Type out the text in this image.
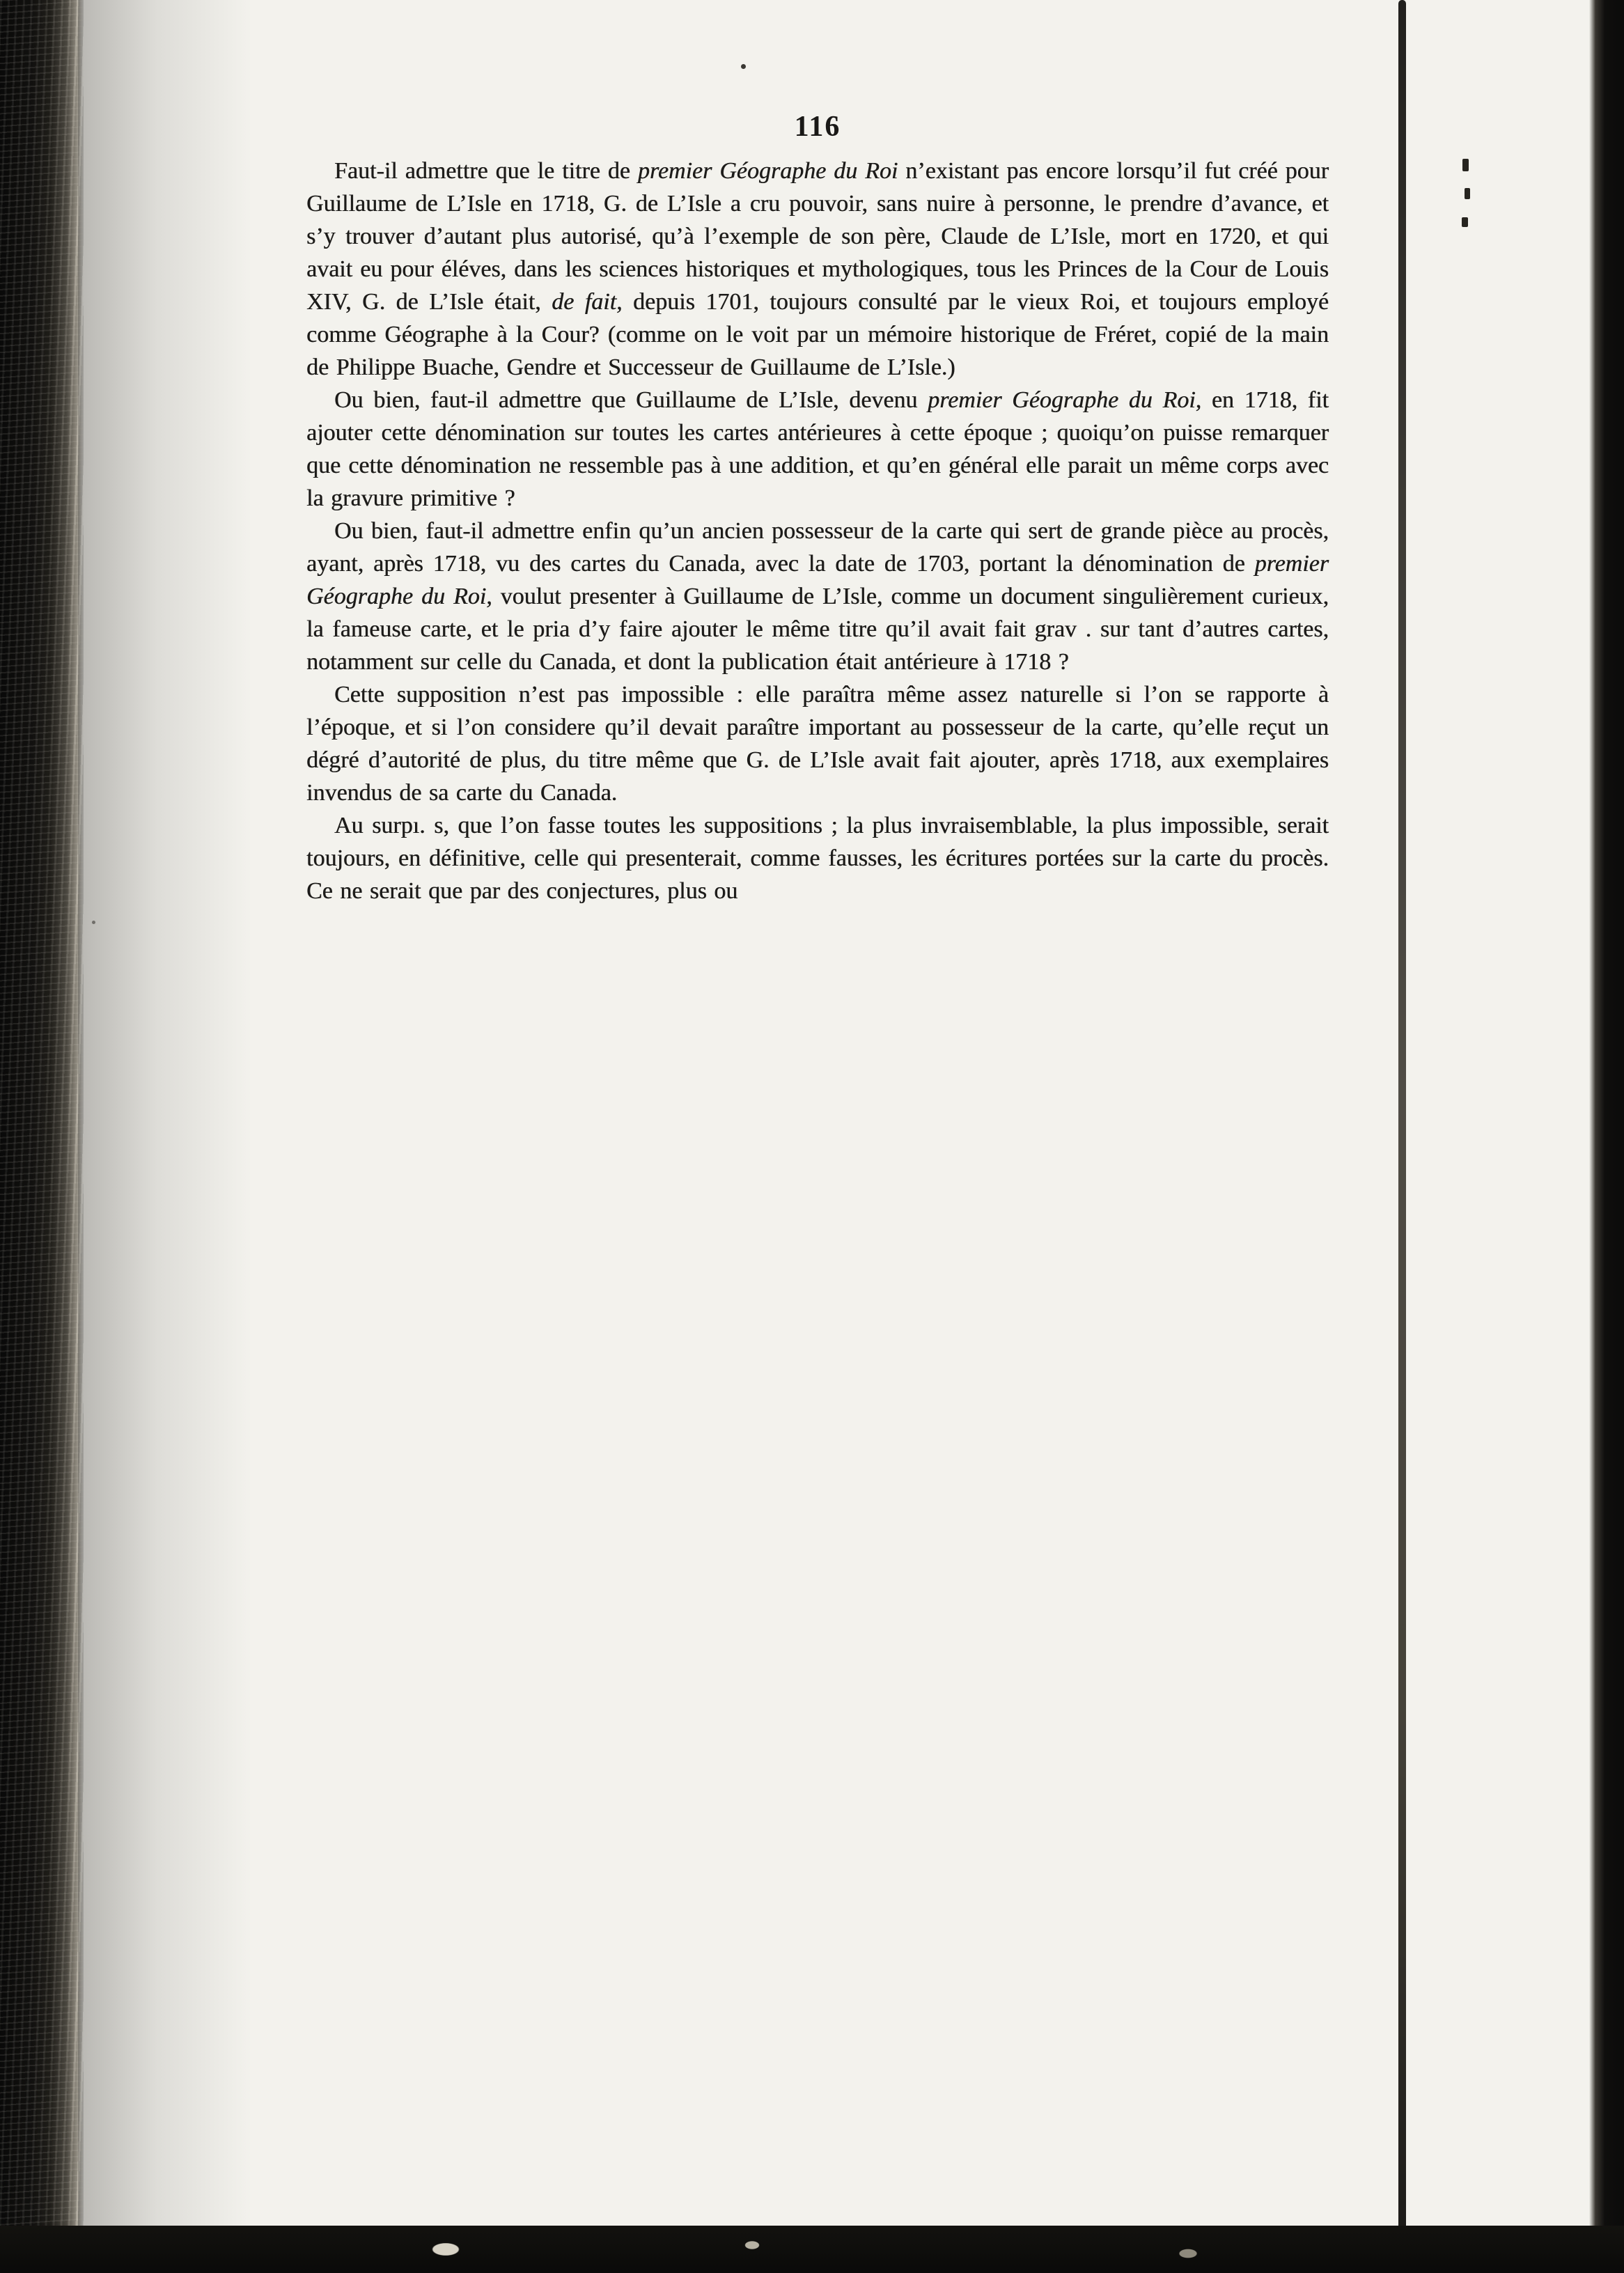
116

Faut-il admettre que le titre de premier Géographe du Roi n’existant pas encore lorsqu’il fut créé pour Guillaume de L’Isle en 1718, G. de L’Isle a cru pouvoir, sans nuire à personne, le prendre d’avance, et s’y trouver d’autant plus autorisé, qu’à l’exemple de son père, Claude de L’Isle, mort en 1720, et qui avait eu pour éléves, dans les sciences historiques et mythologiques, tous les Princes de la Cour de Louis XIV, G. de L’Isle était, de fait, depuis 1701, toujours consulté par le vieux Roi, et toujours employé comme Géographe à la Cour? (comme on le voit par un mémoire historique de Fréret, copié de la main de Philippe Buache, Gendre et Successeur de Guillaume de L’Isle.)

Ou bien, faut-il admettre que Guillaume de L’Isle, devenu premier Géographe du Roi, en 1718, fit ajouter cette dénomination sur toutes les cartes antérieures à cette époque ; quoiqu’on puisse remarquer que cette dénomination ne ressemble pas à une addition, et qu’en général elle parait un même corps avec la gravure primitive ?

Ou bien, faut-il admettre enfin qu’un ancien possesseur de la carte qui sert de grande pièce au procès, ayant, après 1718, vu des cartes du Canada, avec la date de 1703, portant la dénomination de premier Géographe du Roi, voulut presenter à Guillaume de L’Isle, comme un document singulièrement curieux, la fameuse carte, et le pria d’y faire ajouter le même titre qu’il avait fait grav . sur tant d’autres cartes, notamment sur celle du Canada, et dont la publication était antérieure à 1718 ?

Cette supposition n’est pas impossible : elle paraîtra même assez naturelle si l’on se rapporte à l’époque, et si l’on considere qu’il devait paraître important au possesseur de la carte, qu’elle reçut un dégré d’autorité de plus, du titre même que G. de L’Isle avait fait ajouter, après 1718, aux exemplaires invendus de sa carte du Canada.

Au surpı. s, que l’on fasse toutes les suppositions ; la plus invraisemblable, la plus impossible, serait toujours, en définitive, celle qui presenterait, comme fausses, les écritures portées sur la carte du procès. Ce ne serait que par des conjectures, plus ou
